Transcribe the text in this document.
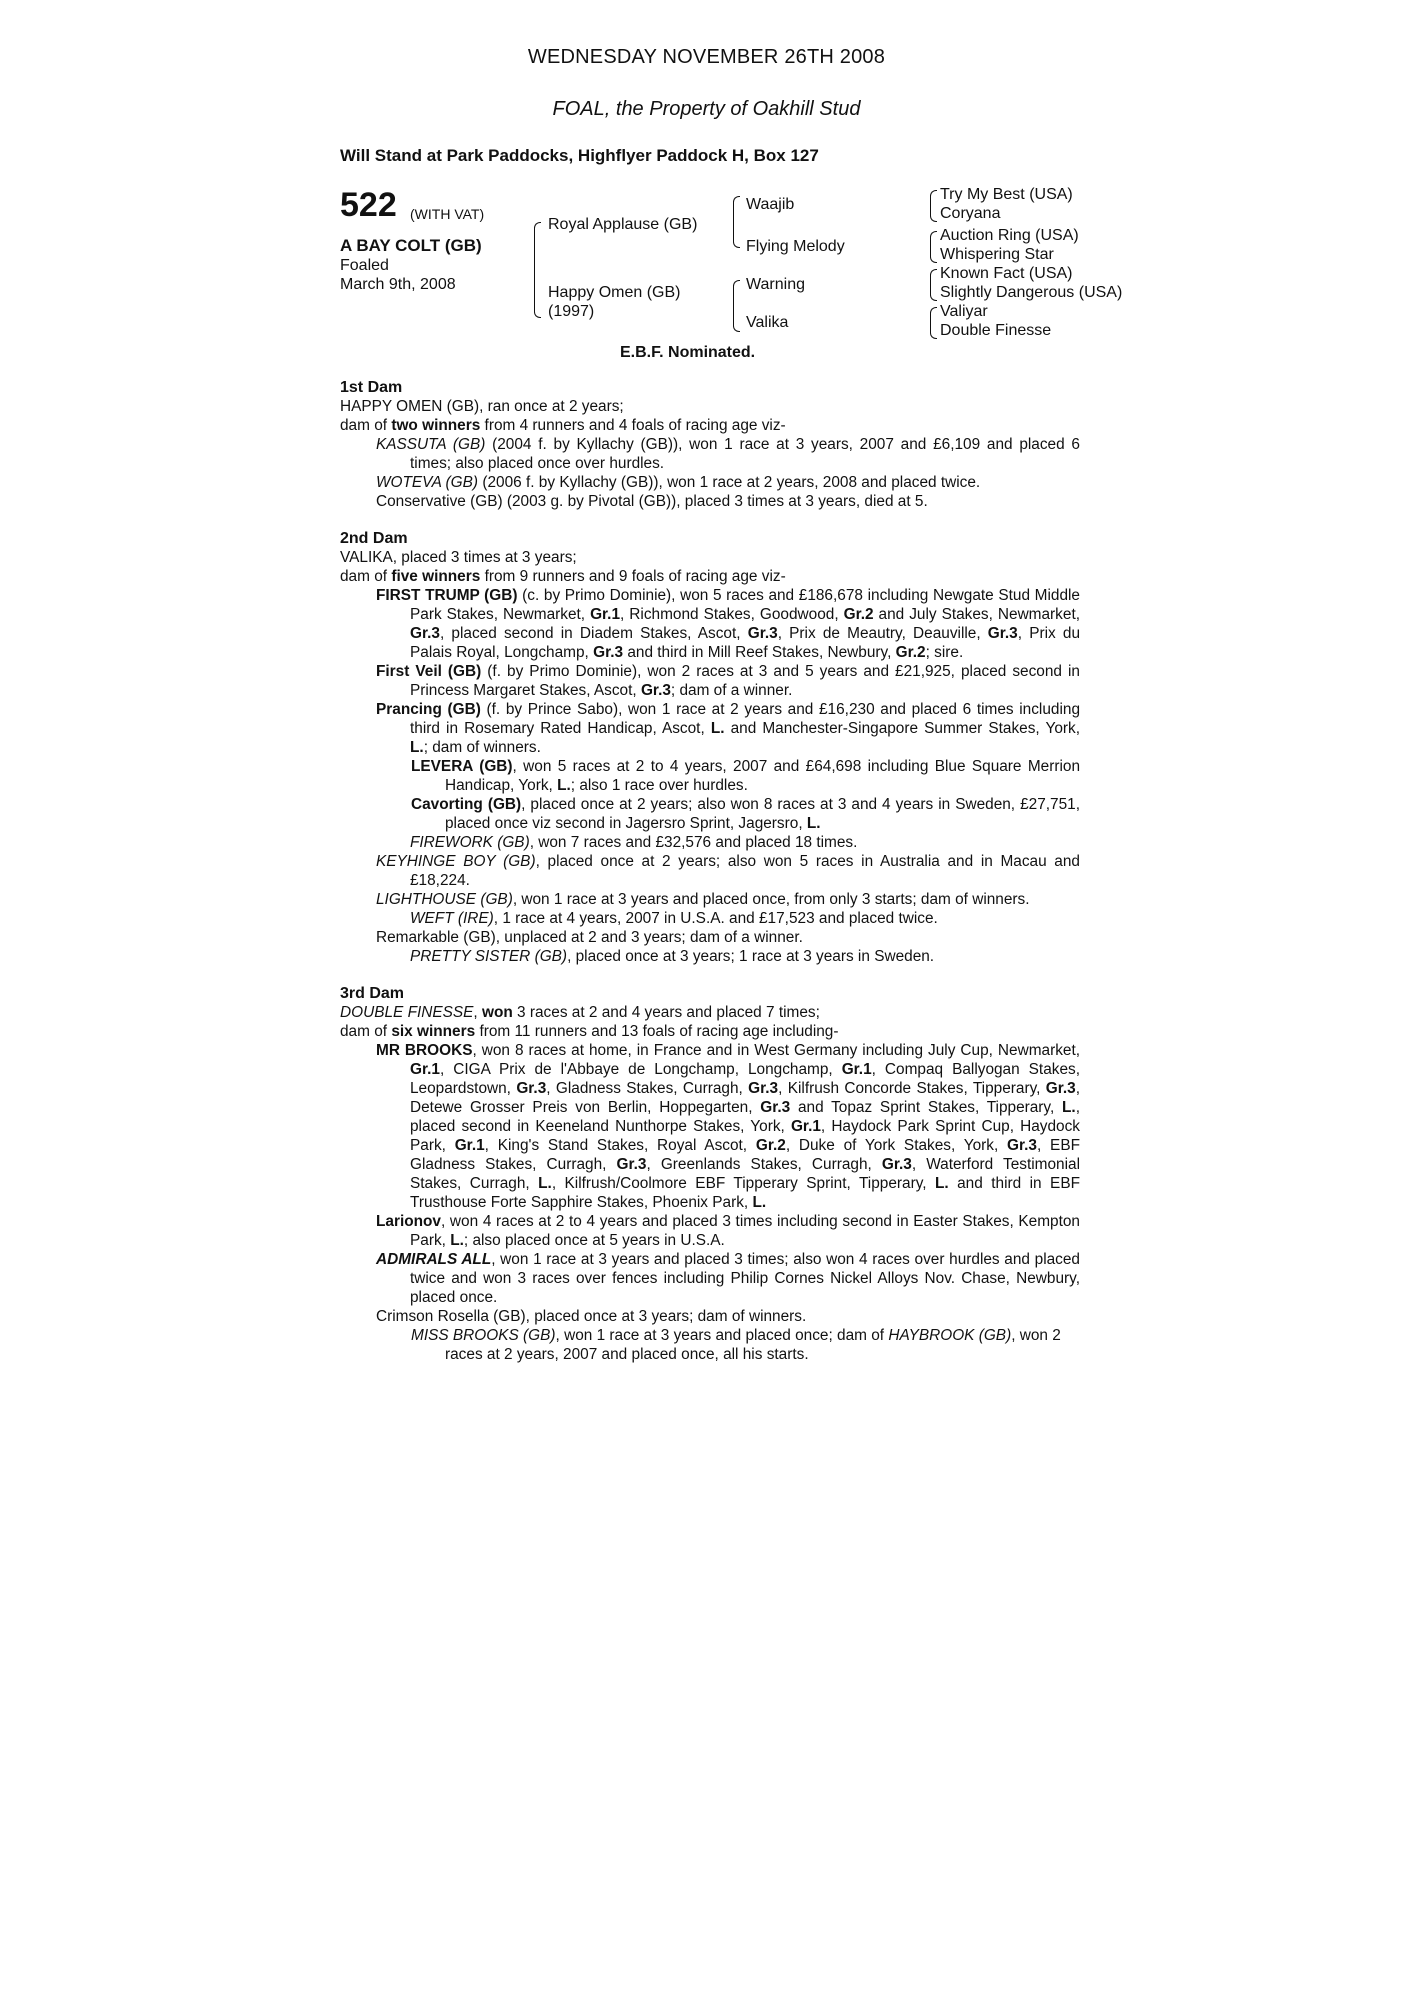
WEDNESDAY NOVEMBER 26TH 2008
FOAL, the Property of Oakhill Stud
Will Stand at Park Paddocks, Highflyer Paddock H, Box 127
522 (WITH VAT)
A BAY COLT (GB)
Foaled
March 9th, 2008
Royal Applause (GB)
Happy Omen (GB)
(1997)
Waajib
Flying Melody
Warning
Valika
Try My Best (USA)
Coryana
Auction Ring (USA)
Whispering Star
Known Fact (USA)
Slightly Dangerous (USA)
Valiyar
Double Finesse
E.B.F. Nominated.
1st Dam
HAPPY OMEN (GB), ran once at 2 years;
dam of two winners from 4 runners and 4 foals of racing age viz-
KASSUTA (GB) (2004 f. by Kyllachy (GB)), won 1 race at 3 years, 2007 and £6,109 and placed 6 times; also placed once over hurdles.
WOTEVA (GB) (2006 f. by Kyllachy (GB)), won 1 race at 2 years, 2008 and placed twice.
Conservative (GB) (2003 g. by Pivotal (GB)), placed 3 times at 3 years, died at 5.
2nd Dam
VALIKA, placed 3 times at 3 years;
dam of five winners from 9 runners and 9 foals of racing age viz-
FIRST TRUMP (GB) (c. by Primo Dominie), won 5 races and £186,678 including Newgate Stud Middle Park Stakes, Newmarket, Gr.1, Richmond Stakes, Goodwood, Gr.2 and July Stakes, Newmarket, Gr.3, placed second in Diadem Stakes, Ascot, Gr.3, Prix de Meautry, Deauville, Gr.3, Prix du Palais Royal, Longchamp, Gr.3 and third in Mill Reef Stakes, Newbury, Gr.2; sire.
First Veil (GB) (f. by Primo Dominie), won 2 races at 3 and 5 years and £21,925, placed second in Princess Margaret Stakes, Ascot, Gr.3; dam of a winner.
Prancing (GB) (f. by Prince Sabo), won 1 race at 2 years and £16,230 and placed 6 times including third in Rosemary Rated Handicap, Ascot, L. and Manchester-Singapore Summer Stakes, York, L.; dam of winners.
LEVERA (GB), won 5 races at 2 to 4 years, 2007 and £64,698 including Blue Square Merrion Handicap, York, L.; also 1 race over hurdles.
Cavorting (GB), placed once at 2 years; also won 8 races at 3 and 4 years in Sweden, £27,751, placed once viz second in Jagersro Sprint, Jagersro, L.
FIREWORK (GB), won 7 races and £32,576 and placed 18 times.
KEYHINGE BOY (GB), placed once at 2 years; also won 5 races in Australia and in Macau and £18,224.
LIGHTHOUSE (GB), won 1 race at 3 years and placed once, from only 3 starts; dam of winners.
WEFT (IRE), 1 race at 4 years, 2007 in U.S.A. and £17,523 and placed twice.
Remarkable (GB), unplaced at 2 and 3 years; dam of a winner.
PRETTY SISTER (GB), placed once at 3 years; 1 race at 3 years in Sweden.
3rd Dam
DOUBLE FINESSE, won 3 races at 2 and 4 years and placed 7 times;
dam of six winners from 11 runners and 13 foals of racing age including-
MR BROOKS, won 8 races at home, in France and in West Germany including July Cup, Newmarket, Gr.1, CIGA Prix de l'Abbaye de Longchamp, Longchamp, Gr.1, Compaq Ballyogan Stakes, Leopardstown, Gr.3, Gladness Stakes, Curragh, Gr.3, Kilfrush Concorde Stakes, Tipperary, Gr.3, Detewe Grosser Preis von Berlin, Hoppegarten, Gr.3 and Topaz Sprint Stakes, Tipperary, L., placed second in Keeneland Nunthorpe Stakes, York, Gr.1, Haydock Park Sprint Cup, Haydock Park, Gr.1, King's Stand Stakes, Royal Ascot, Gr.2, Duke of York Stakes, York, Gr.3, EBF Gladness Stakes, Curragh, Gr.3, Greenlands Stakes, Curragh, Gr.3, Waterford Testimonial Stakes, Curragh, L., Kilfrush/Coolmore EBF Tipperary Sprint, Tipperary, L. and third in EBF Trusthouse Forte Sapphire Stakes, Phoenix Park, L.
Larionov, won 4 races at 2 to 4 years and placed 3 times including second in Easter Stakes, Kempton Park, L.; also placed once at 5 years in U.S.A.
ADMIRALS ALL, won 1 race at 3 years and placed 3 times; also won 4 races over hurdles and placed twice and won 3 races over fences including Philip Cornes Nickel Alloys Nov. Chase, Newbury, placed once.
Crimson Rosella (GB), placed once at 3 years; dam of winners.
MISS BROOKS (GB), won 1 race at 3 years and placed once; dam of HAYBROOK (GB), won 2 races at 2 years, 2007 and placed once, all his starts.
